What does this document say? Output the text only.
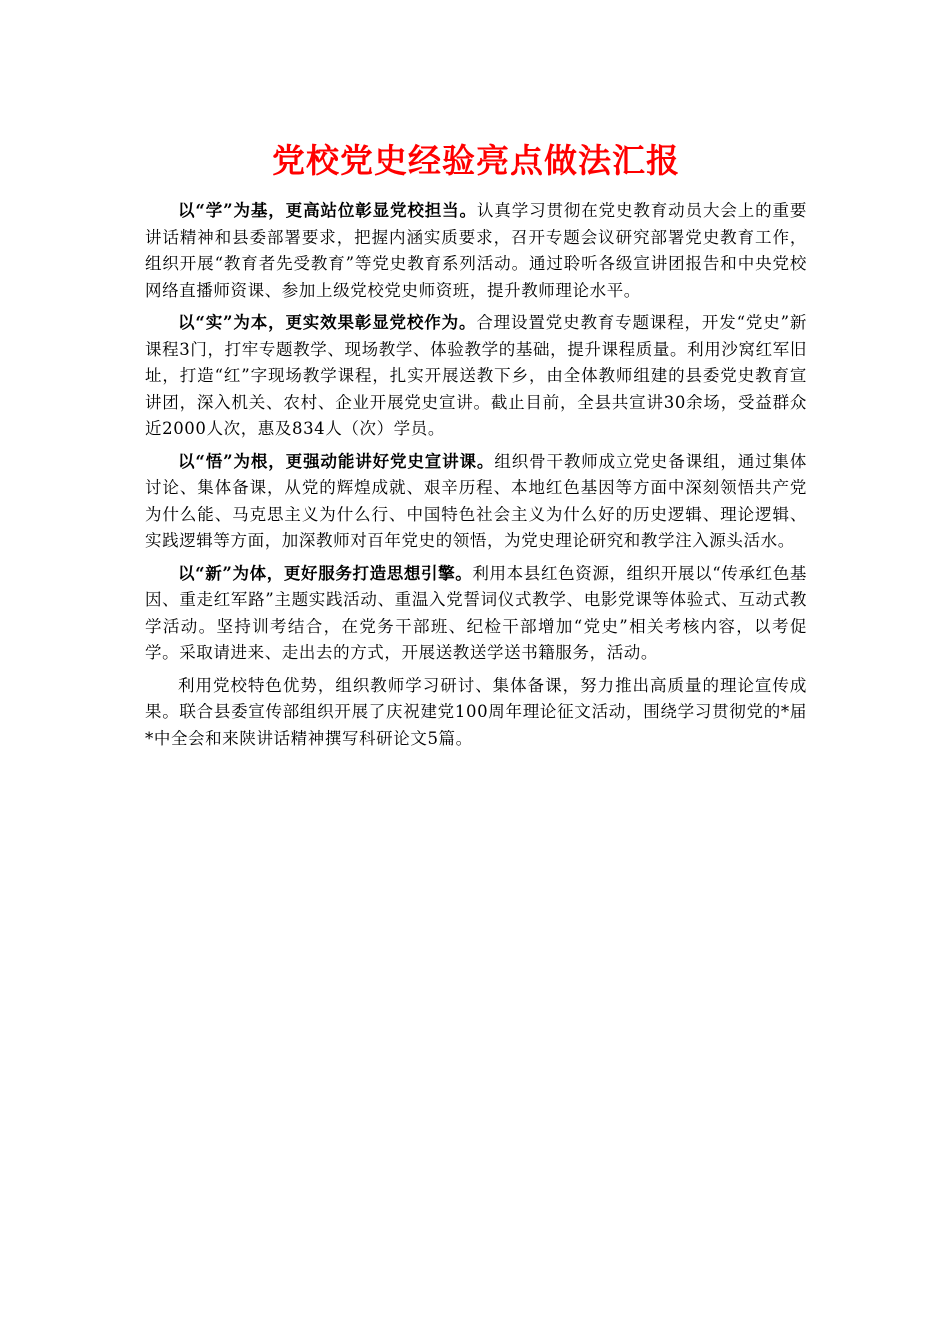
党校党史经验亮点做法汇报

以“学”为基，更高站位彰显党校担当。认真学习贯彻在党史教育动员大会上的重要讲话精神和县委部署要求，把握内涵实质要求，召开专题会议研究部署党史教育工作，组织开展“教育者先受教育”等党史教育系列活动。通过聆听各级宣讲团报告和中央党校网络直播师资课、参加上级党校党史师资班，提升教师理论水平。

以“实”为本，更实效果彰显党校作为。合理设置党史教育专题课程，开发“党史”新课程3门，打牢专题教学、现场教学、体验教学的基础，提升课程质量。利用沙窝红军旧址，打造“红”字现场教学课程，扎实开展送教下乡，由全体教师组建的县委党史教育宣讲团，深入机关、农村、企业开展党史宣讲。截止目前，全县共宣讲30余场，受益群众近2000人次，惠及834人（次）学员。

以“悟”为根，更强动能讲好党史宣讲课。组织骨干教师成立党史备课组，通过集体讨论、集体备课，从党的辉煌成就、艰辛历程、本地红色基因等方面中深刻领悟共产党为什么能、马克思主义为什么行、中国特色社会主义为什么好的历史逻辑、理论逻辑、实践逻辑等方面，加深教师对百年党史的领悟，为党史理论研究和教学注入源头活水。

以“新”为体，更好服务打造思想引擎。利用本县红色资源，组织开展以“传承红色基因、重走红军路”主题实践活动、重温入党誓词仪式教学、电影党课等体验式、互动式教学活动。坚持训考结合，在党务干部班、纪检干部增加“党史”相关考核内容，以考促学。采取请进来、走出去的方式，开展送教送学送书籍服务，活动。

利用党校特色优势，组织教师学习研讨、集体备课，努力推出高质量的理论宣传成果。联合县委宣传部组织开展了庆祝建党100周年理论征文活动，围绕学习贯彻党的*届*中全会和来陕讲话精神撰写科研论文5篇。
